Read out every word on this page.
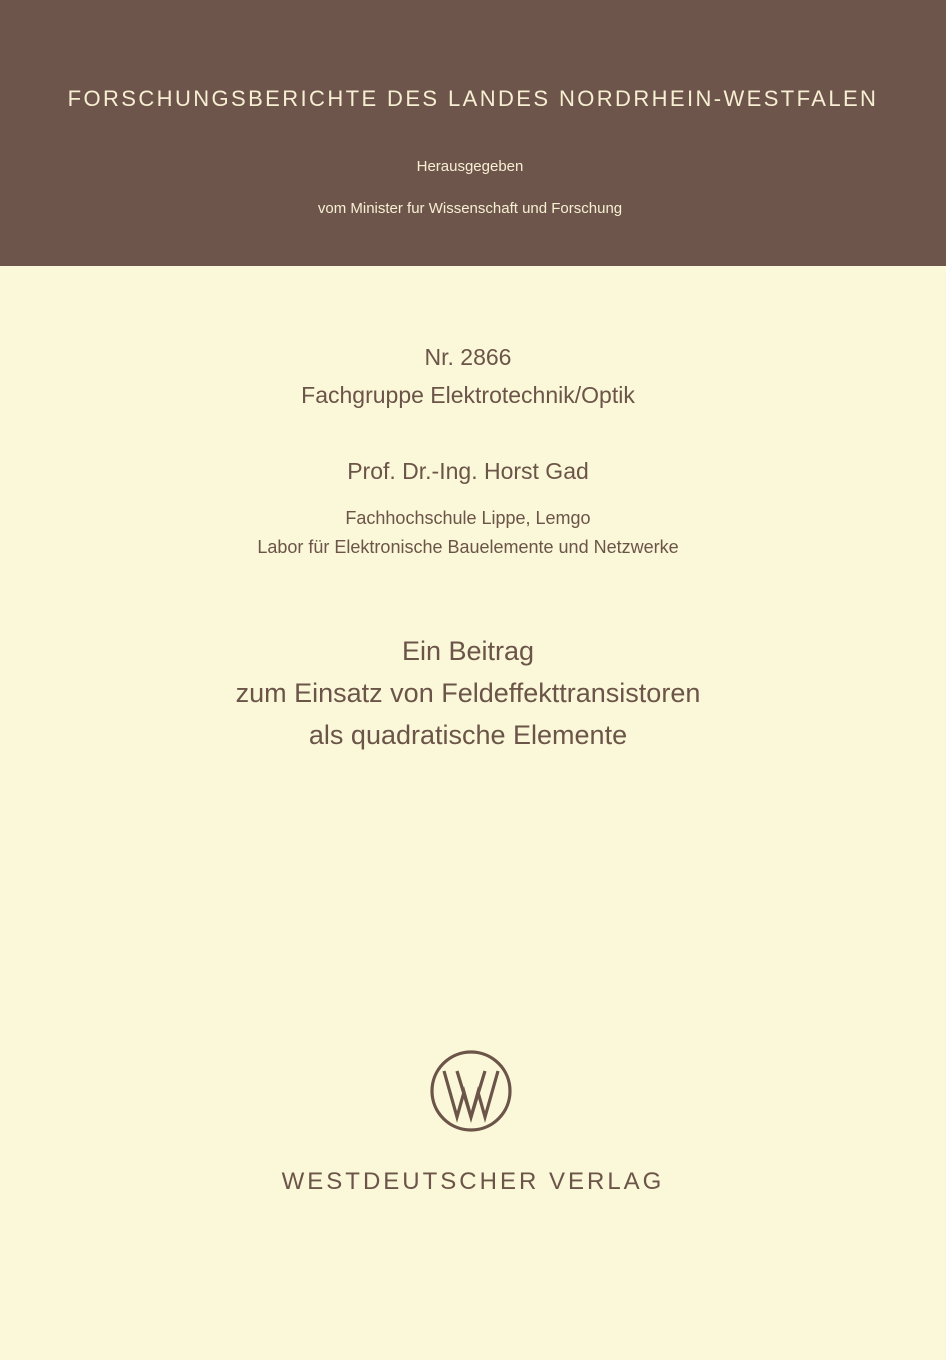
FORSCHUNGSBERICHTE DES LANDES NORDRHEIN-WESTFALEN
Herausgegeben
vom Minister fur Wissenschaft und Forschung
Nr. 2866
Fachgruppe Elektrotechnik/Optik
Prof. Dr.-Ing. Horst Gad
Fachhochschule Lippe, Lemgo
Labor für Elektronische Bauelemente und Netzwerke
Ein Beitrag
zum Einsatz von Feldeffekttransistoren
als quadratische Elemente
WESTDEUTSCHER VERLAG
